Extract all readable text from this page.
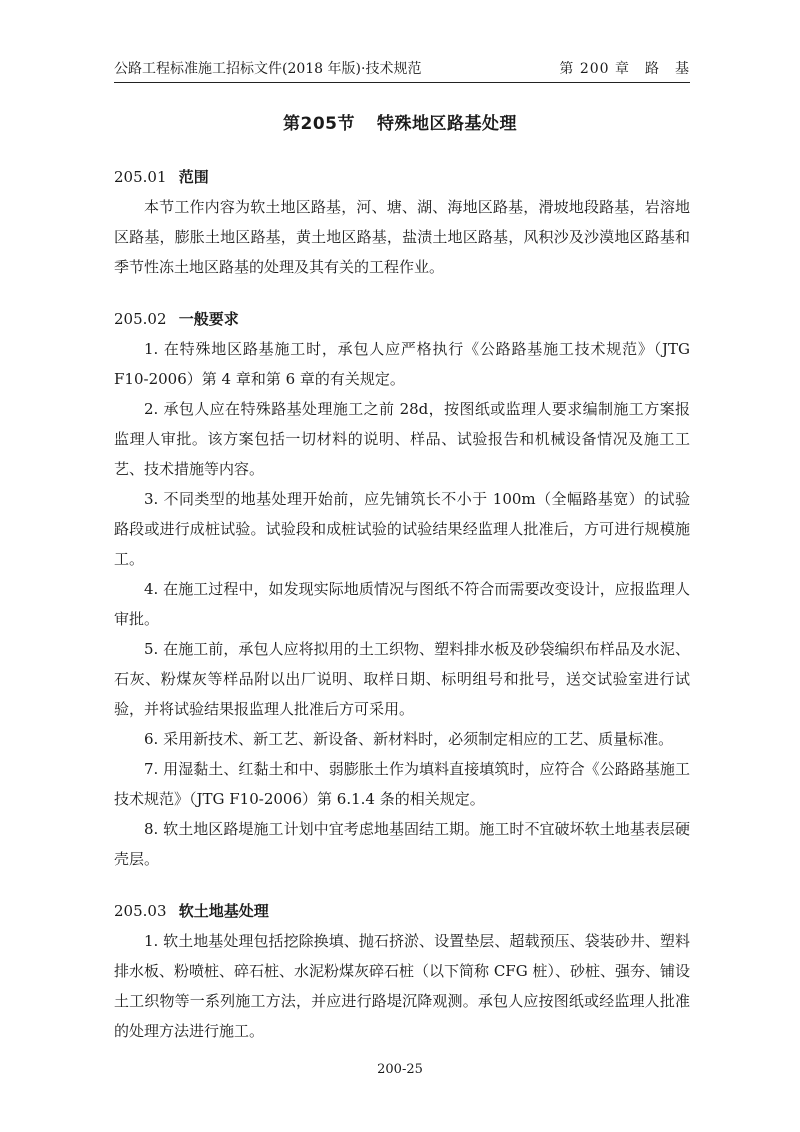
公路工程标准施工招标文件(2018 年版)·技术规范	第 200 章　路　基
第205节 特殊地区路基处理

205.01 范围

本节工作内容为软土地区路基，河、塘、湖、海地区路基，滑坡地段路基，岩溶地区路基，膨胀土地区路基，黄土地区路基，盐渍土地区路基，风积沙及沙漠地区路基和季节性冻土地区路基的处理及其有关的工程作业。

205.02 一般要求

1. 在特殊地区路基施工时，承包人应严格执行《公路路基施工技术规范》（JTG F10-2006）第 4 章和第 6 章的有关规定。

2. 承包人应在特殊路基处理施工之前 28d，按图纸或监理人要求编制施工方案报监理人审批。该方案包括一切材料的说明、样品、试验报告和机械设备情况及施工工艺、技术措施等内容。

3. 不同类型的地基处理开始前，应先铺筑长不小于 100m（全幅路基宽）的试验路段或进行成桩试验。试验段和成桩试验的试验结果经监理人批准后，方可进行规模施工。

4. 在施工过程中，如发现实际地质情况与图纸不符合而需要改变设计，应报监理人审批。

5. 在施工前，承包人应将拟用的土工织物、塑料排水板及砂袋编织布样品及水泥、石灰、粉煤灰等样品附以出厂说明、取样日期、标明组号和批号，送交试验室进行试验，并将试验结果报监理人批准后方可采用。

6. 采用新技术、新工艺、新设备、新材料时，必须制定相应的工艺、质量标准。

7. 用湿黏土、红黏土和中、弱膨胀土作为填料直接填筑时，应符合《公路路基施工技术规范》（JTG F10-2006）第 6.1.4 条的相关规定。

8. 软土地区路堤施工计划中宜考虑地基固结工期。施工时不宜破坏软土地基表层硬壳层。

205.03 软土地基处理

1. 软土地基处理包括挖除换填、抛石挤淤、设置垫层、超载预压、袋装砂井、塑料排水板、粉喷桩、碎石桩、水泥粉煤灰碎石桩（以下简称 CFG 桩）、砂桩、强夯、铺设土工织物等一系列施工方法，并应进行路堤沉降观测。承包人应按图纸或经监理人批准的处理方法进行施工。

200-25
